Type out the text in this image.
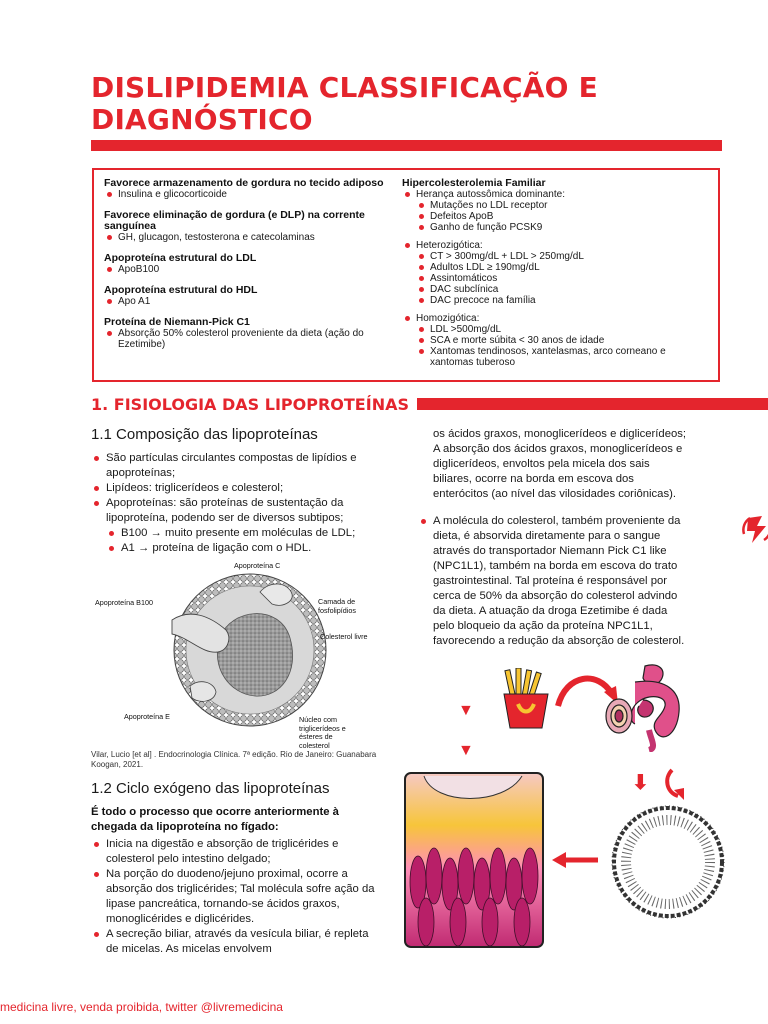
DISLIPIDEMIA CLASSIFICAÇÃO E DIAGNÓSTICO
Favorece armazenamento de gordura no tecido adiposo
Insulina e glicocorticoide
Favorece eliminação de gordura (e DLP) na corrente sanguínea
GH, glucagon, testosterona e catecolaminas
Apoproteína estrutural do LDL
ApoB100
Apoproteína estrutural do HDL
Apo A1
Proteína de Niemann-Pick C1
Absorção 50% colesterol proveniente da dieta (ação do Ezetimibe)
Hipercolesterolemia Familiar
Herança autossômica dominante:
Mutações no LDL receptor
Defeitos ApoB
Ganho de função PCSK9
Heterozigótica:
CT > 300mg/dL + LDL > 250mg/dL
Adultos LDL ≥ 190mg/dL
Assintomáticos
DAC subclínica
DAC precoce na família
Homozigótica:
LDL >500mg/dL
SCA e morte súbita < 30 anos de idade
Xantomas tendinosos, xantelasmas, arco corneano e xantomas tuberoso
1. FISIOLOGIA DAS LIPOPROTEÍNAS
1.1 Composição das lipoproteínas
São partículas circulantes compostas de lipídios e apoproteínas;
Lipídeos: triglicerídeos e colesterol;
Apoproteínas: são proteínas de sustentação da lipoproteína, podendo ser de diversos subtipos;
B100 → muito presente em moléculas de LDL;
A1 → proteína de ligação com o HDL.
Apoproteína C
Apoproteína B100	Camada de fosfolipídios
Colesterol livre
Apoproteína E	Núcleo com triglicerídeos e ésteres de colesterol
Vilar, Lucio [et al] . Endocrinologia Clínica. 7ª edição. Rio de Janeiro: Guanabara Koogan, 2021.
1.2 Ciclo exógeno das lipoproteínas
É todo o processo que ocorre anteriormente à chegada da lipoproteína no fígado:
Inicia na digestão e absorção de triglicérides e colesterol pelo intestino delgado;
Na porção do duodeno/jejuno proximal, ocorre a absorção dos triglicérides; Tal molécula sofre ação da lipase pancreática, tornando-se ácidos graxos, monoglicérides e diglicérides.
A secreção biliar, através da vesícula biliar, é repleta de micelas. As micelas envolvem
os ácidos graxos, monoglicerídeos e diglicerídeos; A absorção dos ácidos graxos, monoglicerídeos e diglicerídeos, envoltos pela micela dos sais biliares, ocorre na borda em escova dos enterócitos (ao nível das vilosidades coriônicas).
A molécula do colesterol, também proveniente da dieta, é absorvida diretamente para o sangue através do transportador Niemann Pick C1 like (NPC1L1), também na borda em escova do trato gastrointestinal. Tal proteína é responsável por cerca de 50% da absorção do colesterol advindo da dieta. A atuação da droga Ezetimibe é dada pelo bloqueio da ação da proteína NPC1L1, favorecendo a redução da absorção de colesterol.
▼
▼
⬇
medicina livre, venda proibida, twitter @livremedicina
